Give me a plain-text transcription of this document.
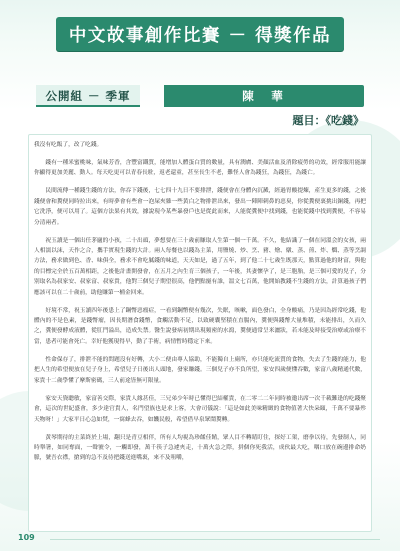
中文故事創作比賽 － 得獎作品
公開組 － 季軍	陳　華
題目：《吃錢》

我沒有吃飯了，改了吃錢。

錢有一種米蜜桃味，氣味芳香，含豐富鐵質，能增加人體蛋白質的數量，具有潤膚、美顏活血及消除疲勞的功效，經常服用能讓你顯得更加美麗、動人。每天吃更可以青春長駐，返老還童，甚至長生不老，難怪人會為錢狂，為錢狂，為錢亡。

民間流傳一種錢生錢的方法，你吞下錢後，七七四十九日不要排泄，錢便會在身體內沉澱，經過胃酸提煉，產生更多的錢，之後錢便會和糞便同時拉出來，有時夢會有些會一泡屎夾雜一些黃白之物排泄出來，發出一陣陣刺鼻的惡臭，你從糞便裏挑出銅錢，再把它洗淨，便可以用了。這個方法果有其效，據說現今某些暴發戶也是從此而來，人能從糞便中找到錢，也能從錢中找到糞便，不容易分清兩者。

祝玉讀是一個出任茅廬的小孩，二十出頭，夢想要在三十歲前賺取人生第一個一千萬。不久，他結識了一個在同溫会的女孩，兩人相濡以沫，天作之合，攜手實現生錢的大計。兩人每餐也以錢為主菜，用鹽燒、炒、烹、豬、燴、燉、蒸、煎、炸、燜、蒸等烹調方法，務求做到色、香、味俱全，務求不會吃膩錢的味道，天天如是，過了五年，到了他二十七歲生既那天，點算過他的財富，與他的目標完全於五百萬相距，之後他計畫開發會，在五月之內生育三個孩子，一年後，其妻懷孕了，是三胞胎，是三個可愛的兒子，分別取名為叔家安、叔家富、叔家貴，他對三個兒子期望很高，他們點寵有誰，溫文七百萬，他開始教錢不生錢的方法，計算過孩子們應該可以在二十歲前，助他賺第一桶金回來。

好境不常，祝玉讀四年後患上了鋼幣惡瘤症，一看到鋼幣便有幾次，失眠，咳嗽，面色發白，全身酸痛，乃是因為經常吃錢，他體內的不是色素，是錢幣瘤，因長期潛食錢幣，食觸活動不足，以致硬囊堅積在直腸內，糞便與錢幣大量堆積，未能排出，久而久之，糞便發酵成液體，從肛門溢出，造成失禁。醫生說發病初期出現頻密的水瀉，糞便通常呈米灑狀，若未能及時接受治療或治療不當，患者可能會死亡。幸好他獲現得早，動了手術，病情暫時穩定下來。

性命保存了，排泄不能的問題沒有好轉，大小二便由專人協助，不能獨自上廁所，亦只能吃流質的食物，失去了生錢的能力，他把人生的希望便放在兒子身上，希望兒子日後出人頭地，發家賺錢。三個兒子亦不負所望，家安四歲便懂吞數，家富八歲精通代數，家貴十二歲學懂了摩斯密碼，三人前途皆無可限量。

家安天資聰敏，家富善交際，家貴人緣甚佳，三兄弟少年時已懂得巴結權貴，在二零二二年同時被邀出席一次千載難逢的吃錢聚會，這次的世紀盛會，多少達官貴人，名門望族也是求上客，大會司儀說：「這是如此美味精緻的食物值著大快朵頤，千萬不要暴殄天物呀！」大家平日心急如焚，一窩蜂去吞，如饑民般，希望借早泉眾鬧糞轉。

黃琴期待的主菜終於上場，翻只是青豆相伴，所有人均視為珍饈佳餚，眾人目不轉睛盯住，探好工架，磨拳以待，先發制人，同時舉箸，如同奪面，一聲號令，一觸即發，萬千筷子急遽夾走，十萬火急之際，拼個你死我活，成伙最大吃，咽口放在碗邊排命奶脈，號吾衣襟，搶到的急不及待把錢送進嘴裏，來不及咀嚼，

109
